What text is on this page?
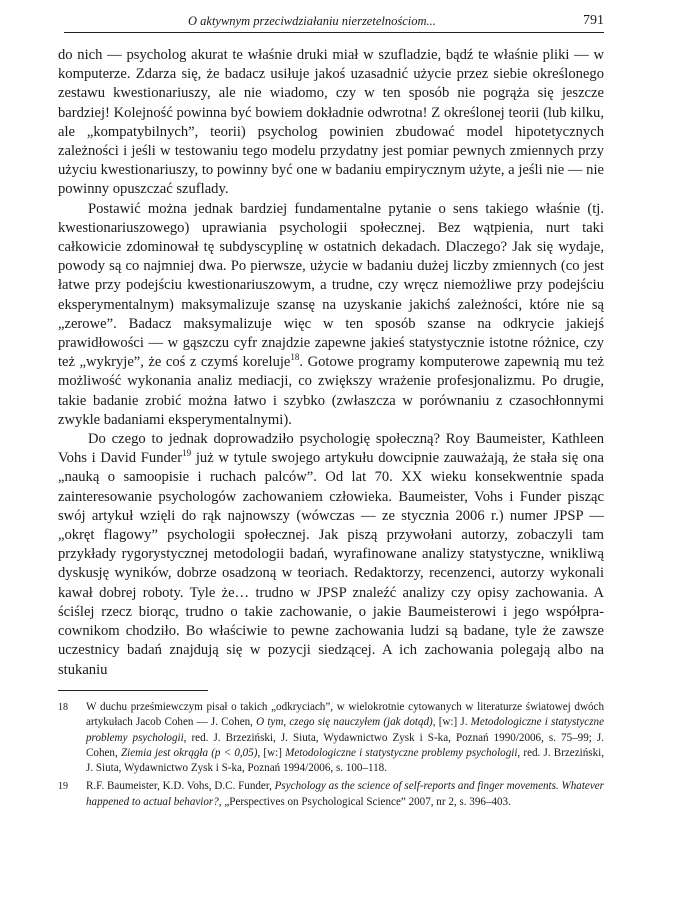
O aktywnym przeciwdziałaniu nierzetelnościom...	791

do nich — psycholog akurat te właśnie druki miał w szufladzie, bądź te właśnie pliki — w komputerze. Zdarza się, że badacz usiłuje jakoś uzasadnić użycie przez siebie określonego zestawu kwestionariuszy, ale nie wiadomo, czy w ten sposób nie pogrąża się jeszcze bardziej! Kolejność powinna być bowiem dokładnie odwrotna! Z określonej teorii (lub kilku, ale „kompatybilnych”, teorii) psycholog powinien zbudować model hipotetycznych zależności i jeśli w testowaniu tego modelu przydatny jest pomiar pewnych zmiennych przy użyciu kwestionariuszy, to powinny być one w badaniu empirycznym użyte, a jeśli nie — nie powinny opuszczać szuflady.

Postawić można jednak bardziej fundamentalne pytanie o sens takiego właśnie (tj. kwestionariuszowego) uprawiania psychologii społecznej. Bez wątpienia, nurt taki całkowicie zdominował tę subdyscyplinę w ostatnich dekadach. Dlaczego? Jak się wydaje, powody są co najmniej dwa. Po pierwsze, użycie w badaniu dużej liczby zmiennych (co jest łatwe przy podejściu kwestionariuszowym, a trudne, czy wręcz niemożliwe przy podejściu eksperymentalnym) maksymalizuje szansę na uzyskanie jakichś zależności, które nie są „zerowe”. Badacz maksymalizuje więc w ten sposób szanse na odkrycie jakiejś prawidłowości — w gąszczu cyfr znajdzie zapewne jakieś statystycznie istotne różnice, czy też „wykryje”, że coś z czymś koreluje$^{18}$. Gotowe programy komputerowe zapewnią mu też możliwość wykonania analiz mediacji, co zwiększy wrażenie profesjonalizmu. Po drugie, takie badanie zrobić można łatwo i szybko (zwłaszcza w porównaniu z czasochłonnymi zwykle badaniami eksperymentalnymi).

Do czego to jednak doprowadziło psychologię społeczną? Roy Baumeister, Kathleen Vohs i David Funder$^{19}$ już w tytule swojego artykułu dowcipnie zauważają, że stała się ona „nauką o samoopisie i ruchach palców”. Od lat 70. XX wieku konsekwentnie spada zainteresowanie psychologów zachowaniem człowieka. Baumeister, Vohs i Funder pisząc swój artykuł wzięli do rąk najnowszy (wówczas — ze stycznia 2006 r.) numer JPSP — „okręt flagowy” psychologii społecznej. Jak piszą przywołani autorzy, zobaczyli tam przykłady rygorystycznej metodologii badań, wyrafinowane analizy statystyczne, wnikliwą dyskusję wyników, dobrze osadzoną w teoriach. Redaktorzy, recenzenci, autorzy wykonali kawał dobrej roboty. Tyle że… trudno w JPSP znaleźć analizy czy opisy zachowania. A ściślej rzecz biorąc, trudno o takie zachowanie, o jakie Baumeisterowi i jego współpra-cownikom chodziło. Bo właściwie to pewne zachowania ludzi są badane, tyle że zawsze uczestnicy badań znajdują się w pozycji siedzącej. A ich zachowania polegają albo na stukaniu

18 W duchu prześmiewczym pisał o takich „odkryciach”, w wielokrotnie cytowanych w literaturze światowej dwóch artykułach Jacob Cohen — J. Cohen, O tym, czego się nauczyłem (jak dotąd), [w:] J. Metodologiczne i statystyczne problemy psychologii, red. J. Brzeziński, J. Siuta, Wydawnictwo Zysk i S-ka, Poznań 1990/2006, s. 75–99; J. Cohen, Ziemia jest okrągła (p < 0,05), [w:] Metodologiczne i statystyczne problemy psychologii, red. J. Brzeziński, J. Siuta, Wydawnictwo Zysk i S-ka, Poznań 1994/2006, s. 100–118.
19 R.F. Baumeister, K.D. Vohs, D.C. Funder, Psychology as the science of self-reports and finger movements. Whatever happened to actual behavior?, „Perspectives on Psychological Science” 2007, nr 2, s. 396–403.
